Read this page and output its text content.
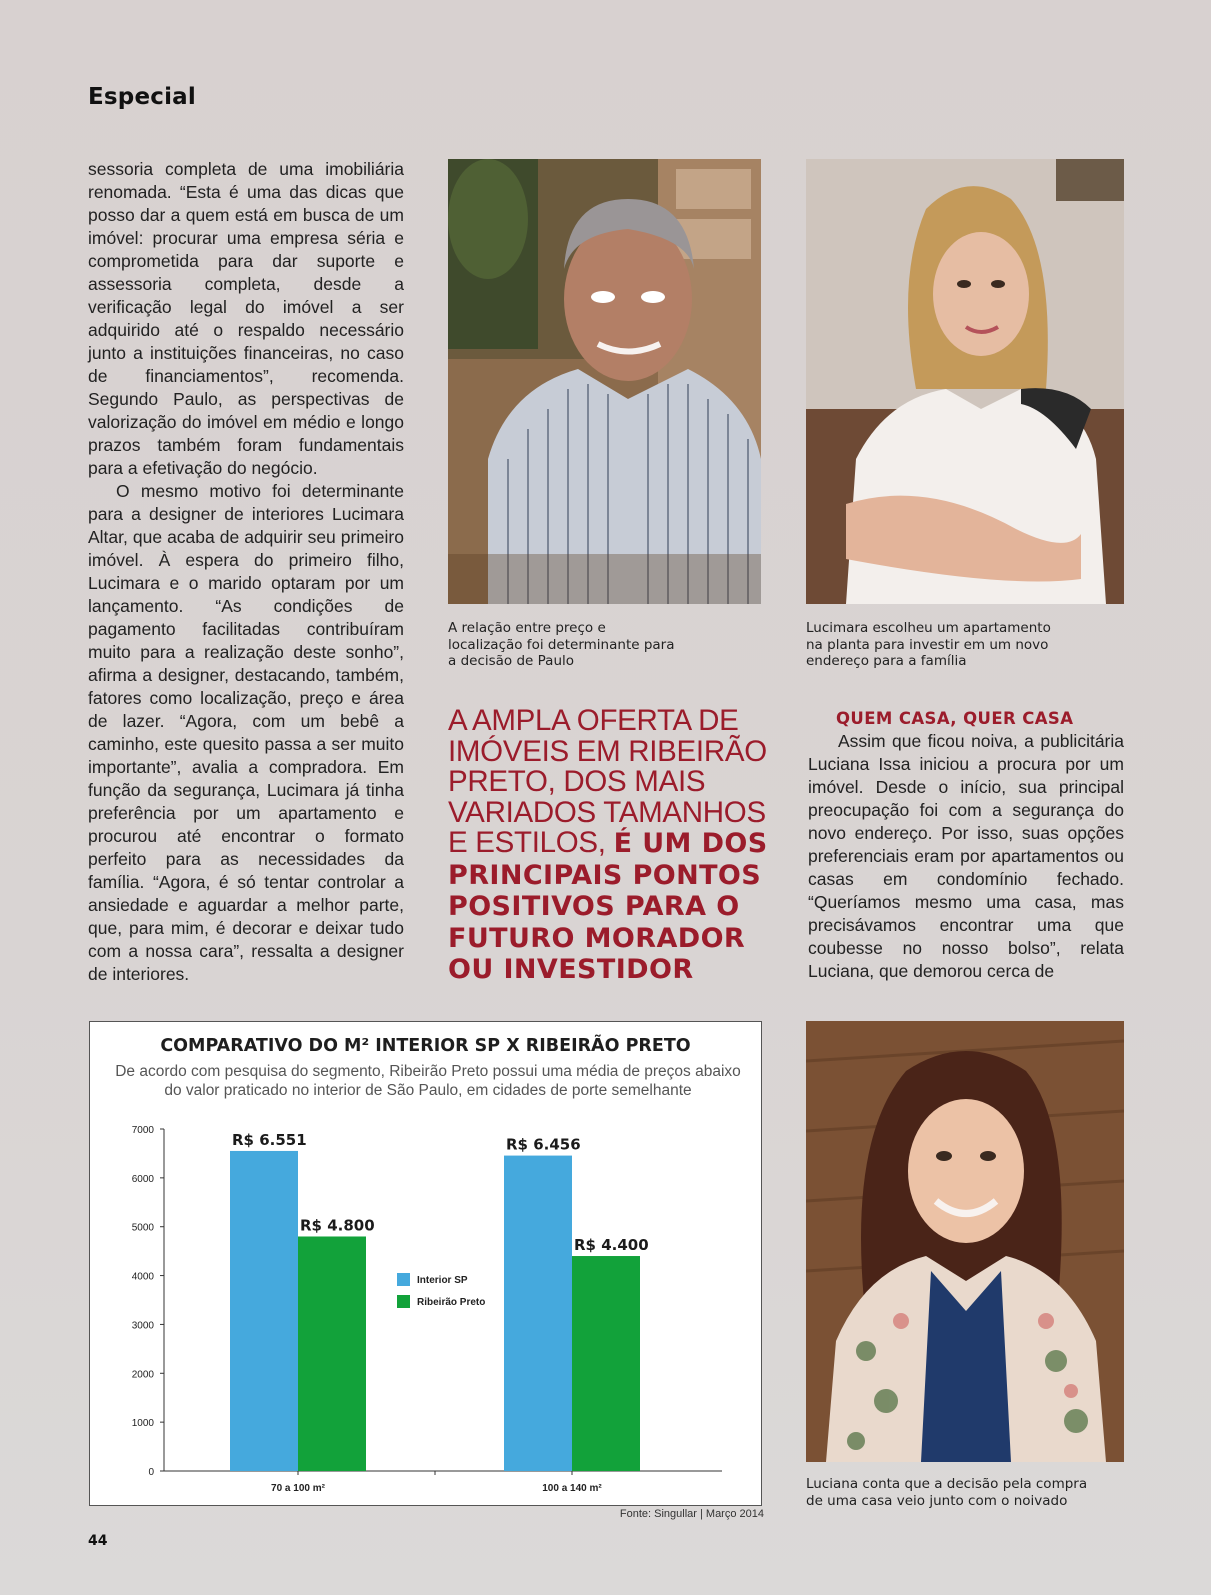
Especial

sessoria completa de uma imobiliária renomada. “Esta é uma das dicas que posso dar a quem está em busca de um imóvel: procurar uma empresa séria e comprometida para dar suporte e assessoria completa, desde a verificação legal do imóvel a ser adquirido até o respaldo necessário junto a instituições financeiras, no caso de financiamentos”, recomenda. Segundo Paulo, as perspectivas de valorização do imóvel em médio e longo prazos também foram fundamentais para a efetivação do negócio.

O mesmo motivo foi determinante para a designer de interiores Lucimara Altar, que acaba de adquirir seu primeiro imóvel. À espera do primeiro filho, Lucimara e o marido optaram por um lançamento. “As condições de pagamento facilitadas contribuíram muito para a realização deste sonho”, afirma a designer, destacando, também, fatores como localização, preço e área de lazer. “Agora, com um bebê a caminho, este quesito passa a ser muito importante”, avalia a compradora. Em função da segurança, Lucimara já tinha preferência por um apartamento e procurou até encontrar o formato perfeito para as necessidades da família. “Agora, é só tentar controlar a ansiedade e aguardar a melhor parte, que, para mim, é decorar e deixar tudo com a nossa cara”, ressalta a designer de interiores.

A relação entre preço e
localização foi determinante para
a decisão de Paulo
Lucimara escolheu um apartamento
na planta para investir em um novo
endereço para a família
A AMPLA OFERTA DE IMÓVEIS EM RIBEIRÃO PRETO, DOS MAIS VARIADOS TAMANHOS E ESTILOS, É UM DOS PRINCIPAIS PONTOS POSITIVOS PARA O FUTURO MORADOR OU INVESTIDOR
QUEM CASA, QUER CASA
Assim que ficou noiva, a publicitária Luciana Issa iniciou a procura por um imóvel. Desde o início, sua principal preocupação foi com a segurança do novo endereço. Por isso, suas opções preferenciais eram por apartamentos ou casas em condomínio fechado. “Queríamos mesmo uma casa, mas precisávamos encontrar uma que coubesse no nosso bolso”, relata Luciana, que demorou cerca de
COMPARATIVO DO M² INTERIOR SP X RIBEIRÃO PRETO
De acordo com pesquisa do segmento, Ribeirão Preto possui uma média de preços abaixo do valor praticado no interior de São Paulo, em cidades de porte semelhante
0
1000
2000
3000
4000
5000
6000
7000
R$ 6.551
R$ 4.800
70 a 100 m²
R$ 6.456
R$ 4.400
100 a 140 m²
Interior SP
Ribeirão Preto
Fonte: Singullar | Março 2014
Luciana conta que a decisão pela compra
de uma casa veio junto com o noivado
44
